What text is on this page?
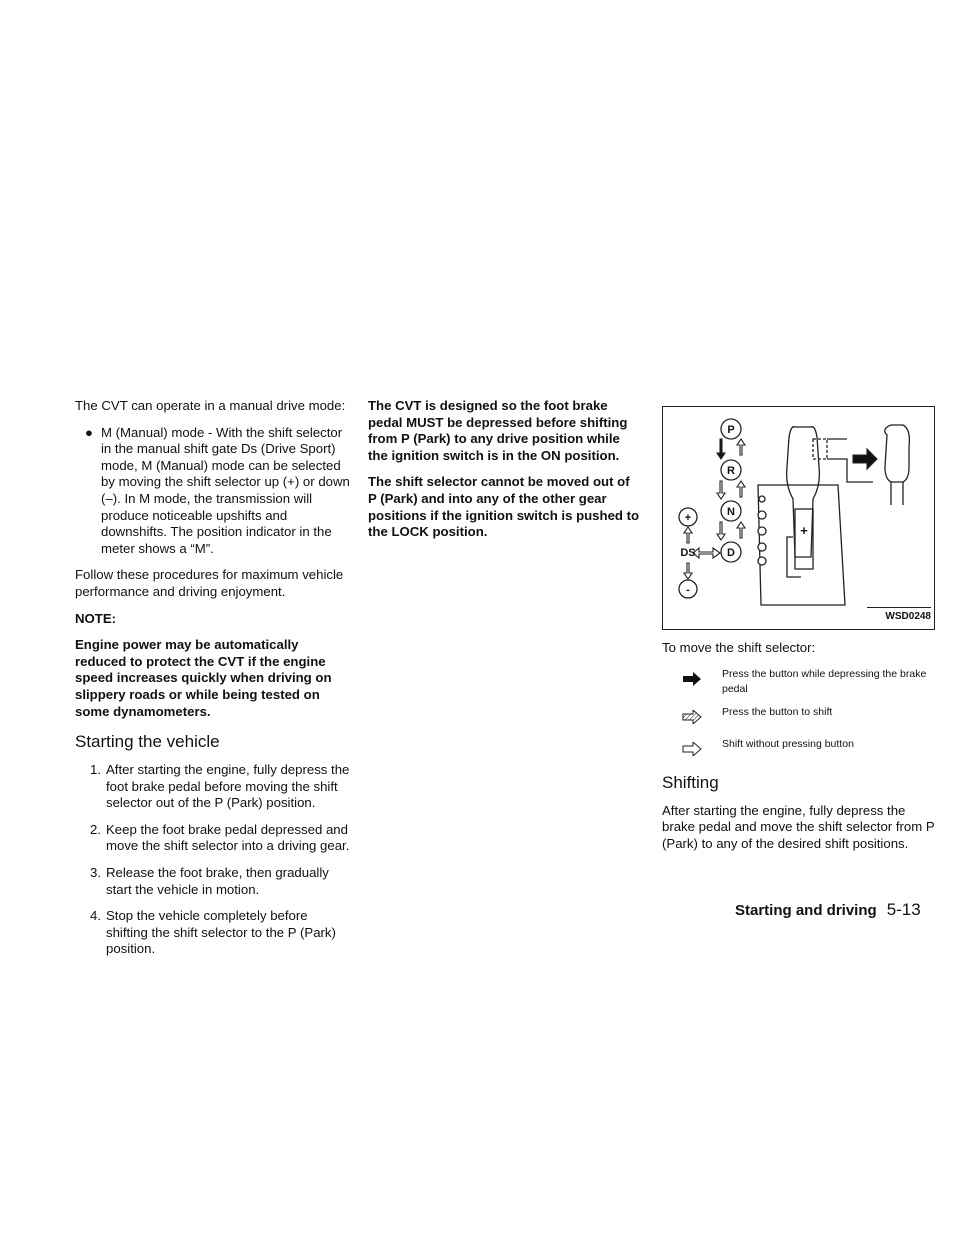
The CVT can operate in a manual drive mode:

● M (Manual) mode - With the shift selector in the manual shift gate Ds (Drive Sport) mode, M (Manual) mode can be selected by moving the shift selector up (+) or down (–). In M mode, the transmission will produce noticeable upshifts and downshifts. The position indicator in the meter shows a “M”.

Follow these procedures for maximum vehicle performance and driving enjoyment.

NOTE:

Engine power may be automatically reduced to protect the CVT if the engine speed increases quickly when driving on slippery roads or while being tested on some dynamometers.

Starting the vehicle
1. After starting the engine, fully depress the foot brake pedal before moving the shift selector out of the P (Park) position.
2. Keep the foot brake pedal depressed and move the shift selector into a driving gear.
3. Release the foot brake, then gradually start the vehicle in motion.
4. Stop the vehicle completely before shifting the shift selector to the P (Park) position.

The CVT is designed so the foot brake pedal MUST be depressed before shifting from P (Park) to any drive position while the ignition switch is in the ON position.

The shift selector cannot be moved out of P (Park) and into any of the other gear positions if the ignition switch is pushed to the LOCK position.

P
R
N
D
+
-
DS
+
WSD0248

To move the shift selector:

Press the button while depressing the brake pedal
Press the button to shift
Shift without pressing button
Shifting

After starting the engine, fully depress the brake pedal and move the shift selector from P (Park) to any of the desired shift positions.

Starting and driving 5-13
